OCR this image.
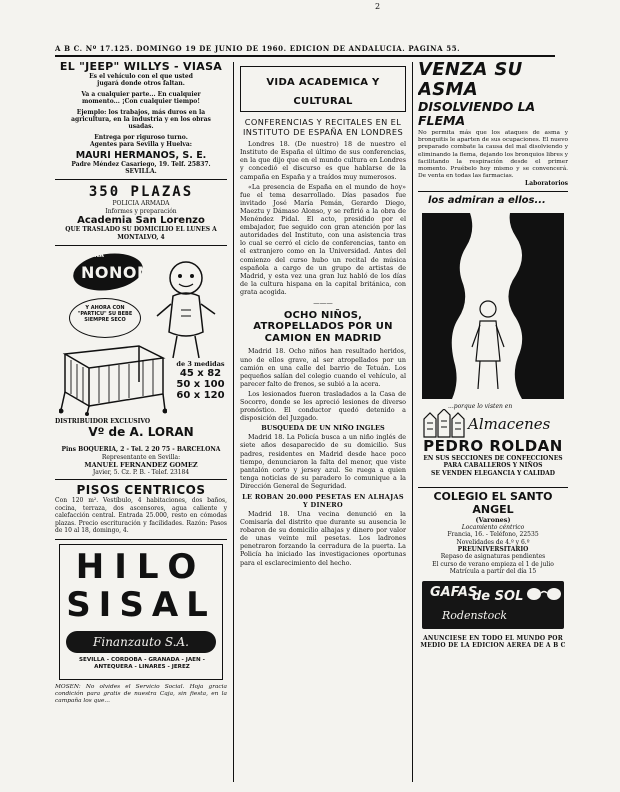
2
A B C. Nº 17.125. DOMINGO 19 DE JUNIO DE 1960. EDICION DE ANDALUCIA. PAGINA 55.

EL "JEEP" WILLYS - VIASA

Es el vehículo con el que usted

jugará donde otros faltan.

Va a cualquier parte... En cualquier

momento... ¡Con cualquier tiempo!

Ejemplo: los trabajos, más duros en la

agricultura, en la industria y en los obras

usadas.

Entrega por riguroso turno.

Agentes para Sevilla y Huelva:

MAURI HERMANOS, S. E.

Padre Méndez Casariego, 19. Telf. 25837. SEVILLA.

350 PLAZAS

POLICIA ARMADA

Informes y preparación

Academia San Lorenzo

QUE TRASLADO SU DOMICILIO EL LUNES A MONTALVO, 4

CUNA
NONON

Y AHORA CON

"PARTICU" SU BEBE

SIEMPRE SECO

de 3 medidas

45 x 82

50 x 100

60 x 120

DISTRIBUIDOR EXCLUSIVO

Vº de A. LORAN

Pins BOQUERIA, 2 - Tel. 2 20 75 - BARCELONA

Representante en Sevilla:

MANUEL FERNANDEZ GOMEZ

Javier, 5. Cz. P. B. - Telef. 23184

PISOS CENTRICOS

Con 120 m². Vestíbulo, 4 habitaciones, dos baños, cocina, terraza, dos ascensores, agua caliente y calefacción central. Entrada 25.000, resto en cómodas plazas. Precio escrituración y facilidades. Razón: Pasos de 10 al 18, domingo, 4.

HILO
SISAL
Finanzauto S.A.
SEVILLA - CORDOBA - GRANADA - JAEN - ANTEQUERA - LINARES - JEREZ

MOSEN: No olvides el Servicio Social. Hoja gracia condición para gratis de nuestra Caja, sin fiesta, en la campaña los que...

VIDA ACADEMICA Y CULTURAL

CONFERENCIAS Y RECITALES EN EL INSTITUTO DE ESPAÑA EN LONDRES

Londres 18. (De nuestro) 18 de nuestro el Instituto de España el último de sus conferencias, en la que dijo que en el mundo cultura en Londres y concedió el discurso es que hablarse de la campaña en España y a traídos muy numerosos.

«La presencia de España en el mundo de hoy» fue el tema desarrollado. Días pasados fue invitado José María Pemán, Gerardo Diego, Maeztu y Dámaso Alonso, y se refirió a la obra de Menéndez Pidal. El acto, presidido por el embajador, fue seguido con gran atención por las autoridades del Instituto, con una asistencia tras lo cual se cerró el ciclo de conferencias, tanto en el extranjero como en la Universidad. Antes del comienzo del curso hubo un recital de música española a cargo de un grupo de artistas de Madrid, y esta vez una gran luz habló de los días de la cultura hispana en la capital británica, con grata acogida.

———

OCHO NIÑOS, ATROPELLADOS POR UN CAMION EN MADRID

Madrid 18. Ocho niños han resultado heridos, uno de ellos grave, al ser atropellados por un camión en una calle del barrio de Tetuán. Los pequeños salían del colegio cuando el vehículo, al parecer falto de frenos, se subió a la acera.

Los lesionados fueron trasladados a la Casa de Socorro, donde se les apreció lesiones de diverso pronóstico. El conductor quedó detenido a disposición del Juzgado.

BUSQUEDA DE UN NIÑO INGLES

Madrid 18. La Policía busca a un niño inglés de siete años desaparecido de su domicilio. Sus padres, residentes en Madrid desde hace poco tiempo, denunciaron la falta del menor, que viste pantalón corto y jersey azul. Se ruega a quien tenga noticias de su paradero lo comunique a la Dirección General de Seguridad.

LE ROBAN 20.000 PESETAS EN ALHAJAS Y DINERO

Madrid 18. Una vecina denunció en la Comisaría del distrito que durante su ausencia le robaron de su domicilio alhajas y dinero por valor de unas veinte mil pesetas. Los ladrones penetraron forzando la cerradura de la puerta. La Policía ha iniciado las investigaciones oportunas para el esclarecimiento del hecho.

VENZA SU ASMA

DISOLVIENDO LA FLEMA

No permita más que los ataques de asma y bronquitis le aparten de sus ocupaciones. El nuevo preparado combate la causa del mal disolviendo y eliminando la flema, dejando los bronquios libres y facilitando la respiración desde el primer momento. Pruébelo hoy mismo y se convencerá. De venta en todas las farmacias.

Laboratorios

los admiran a ellos...
...porque lo visten en
Almacenes
PEDRO ROLDAN

EN SUS SECCIONES DE CONFECCIONES

PARA CABALLEROS Y NIÑOS

SE VENDEN ELEGANCIA Y CALIDAD

COLEGIO EL SANTO ANGEL

(Varones)

Locamiento céntrico

Francia, 16. - Teléfono, 22535

Novelidades de 4.º y 6.º

PREUNIVERSITARIO

Repaso de asignaturas pendientes

El curso de verano empieza el 1 de julio

Matrícula a partir del día 15

GAFAS
de SOL
Rodenstock

ANUNCIESE EN TODO EL MUNDO POR MEDIO DE LA EDICION AEREA DE A B C
